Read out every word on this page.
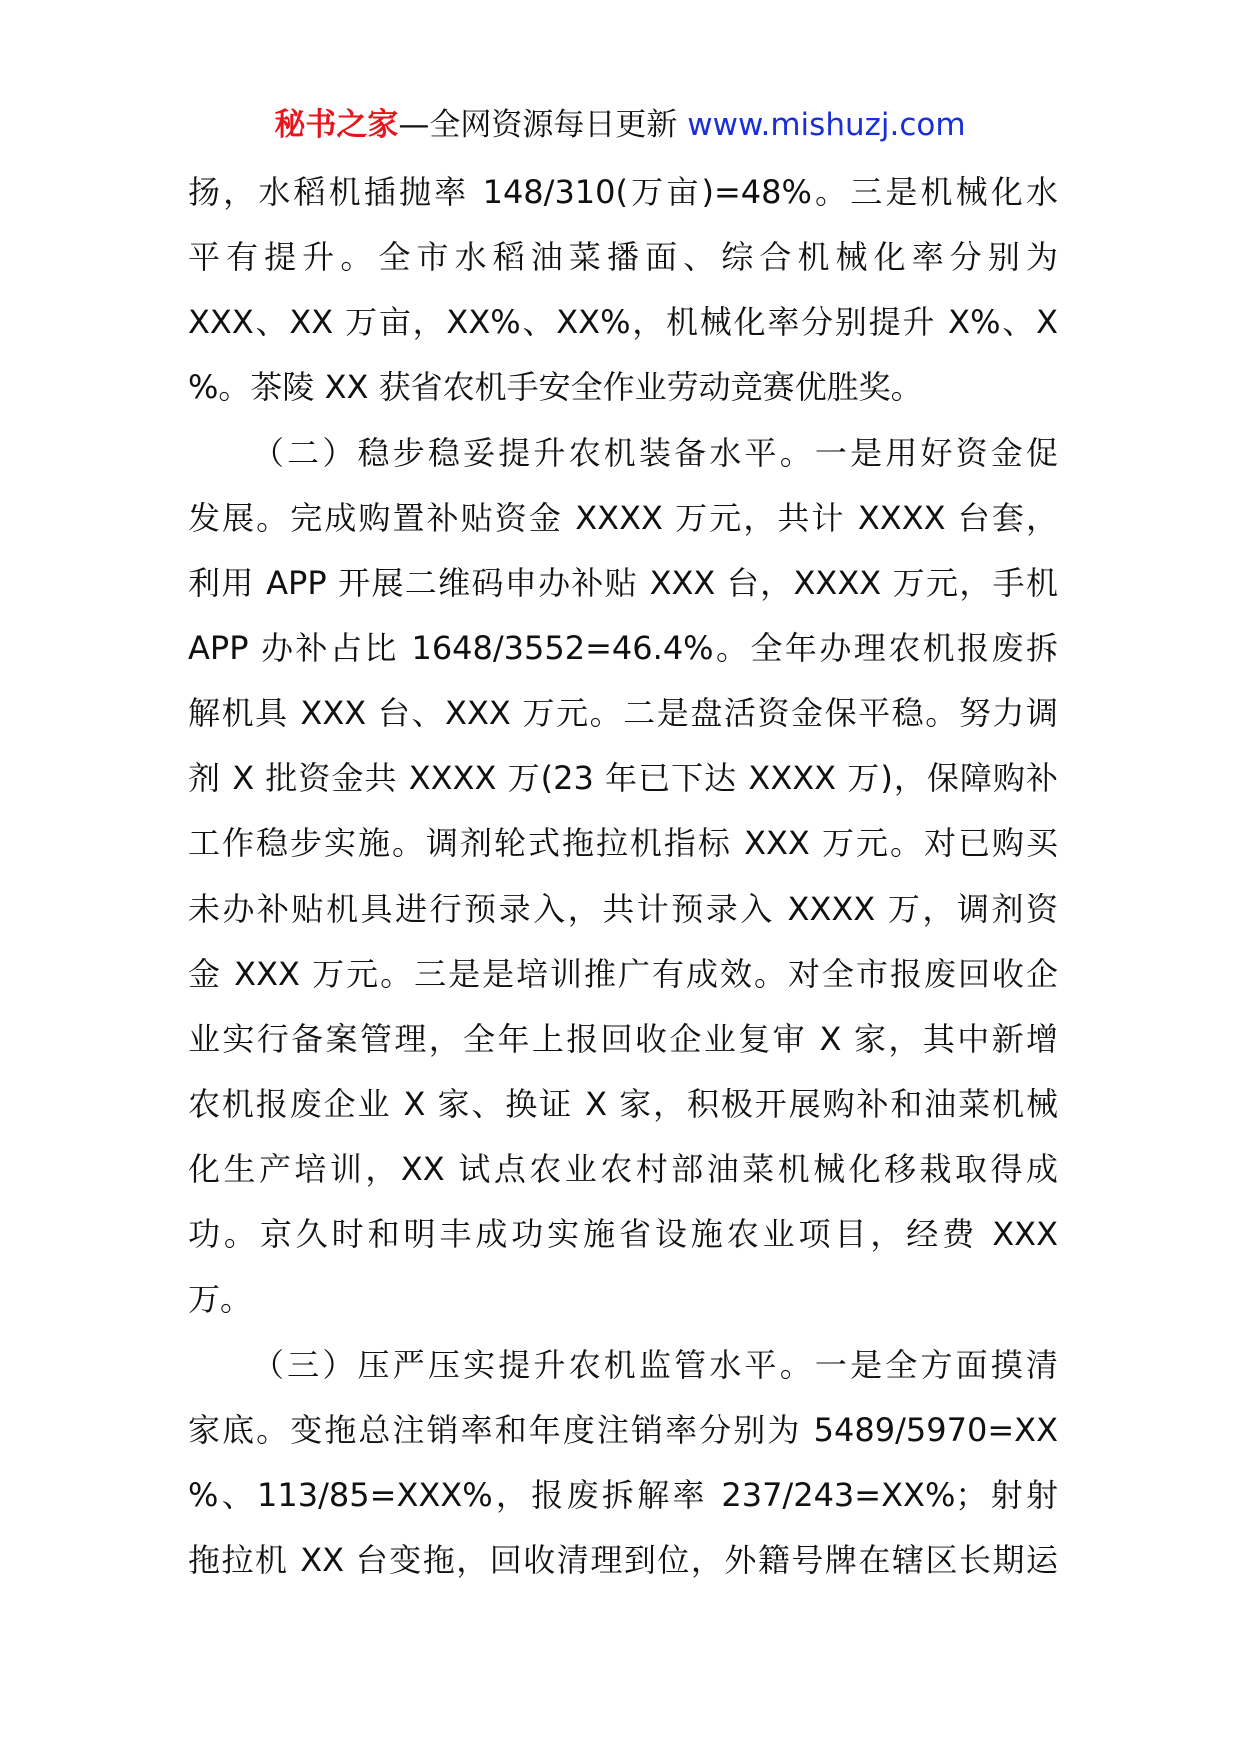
秘书之家—全网资源每日更新 www.mishuzj.com
扬，水稻机插抛率 148/310(万亩)=48%。三是机械化水
平有提升。全市水稻油菜播面、综合机械化率分别为
XXX、XX 万亩，XX%、XX%，机械化率分别提升 X%、X
%。茶陵 XX 获省农机手安全作业劳动竞赛优胜奖。
（二）稳步稳妥提升农机装备水平。一是用好资金促
发展。完成购置补贴资金 XXXX 万元，共计 XXXX 台套，
利用 APP 开展二维码申办补贴 XXX 台，XXXX 万元，手机
APP 办补占比 1648/3552=46.4%。全年办理农机报废拆
解机具 XXX 台、XXX 万元。二是盘活资金保平稳。努力调
剂 X 批资金共 XXXX 万(23 年已下达 XXXX 万)，保障购补
工作稳步实施。调剂轮式拖拉机指标 XXX 万元。对已购买
未办补贴机具进行预录入，共计预录入 XXXX 万，调剂资
金 XXX 万元。三是是培训推广有成效。对全市报废回收企
业实行备案管理，全年上报回收企业复审 X 家，其中新增
农机报废企业 X 家、换证 X 家，积极开展购补和油菜机械
化生产培训，XX 试点农业农村部油菜机械化移栽取得成
功。京久时和明丰成功实施省设施农业项目，经费 XXX
万。
（三）压严压实提升农机监管水平。一是全方面摸清
家底。变拖总注销率和年度注销率分别为 5489/5970=XX
%、113/85=XXX%，报废拆解率 237/243=XX%；射射
拖拉机 XX 台变拖，回收清理到位，外籍号牌在辖区长期运
